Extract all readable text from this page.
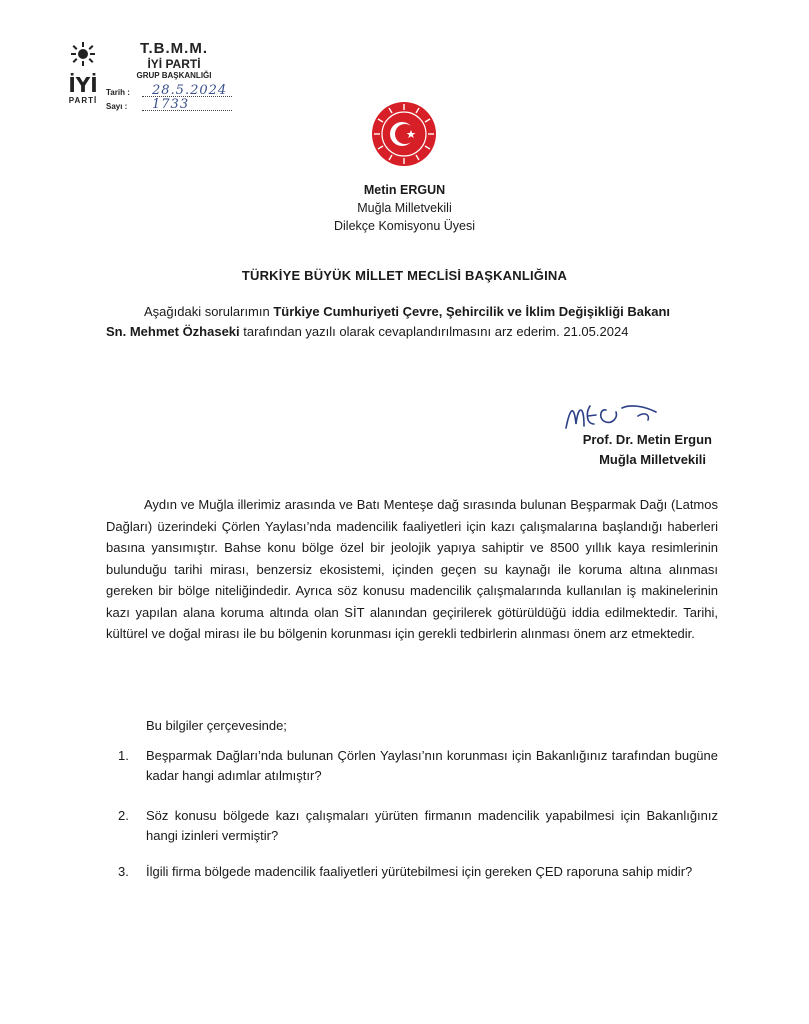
İYİ
PARTİ
T.B.M.M.
İYİ PARTİ
GRUP BAŞKANLIĞI
Tarih :	28.5.2024
Sayı :	1733
Metin ERGUN
Muğla Milletvekili
Dilekçe Komisyonu Üyesi
TÜRKİYE BÜYÜK MİLLET MECLİSİ BAŞKANLIĞINA
Aşağıdaki sorularımın Türkiye Cumhuriyeti Çevre, Şehircilik ve İklim Değişikliği Bakanı
Sn. Mehmet Özhaseki tarafından yazılı olarak cevaplandırılmasını arz ederim. 21.05.2024
Prof. Dr. Metin Ergun
Muğla Milletvekili
Aydın ve Muğla illerimiz arasında ve Batı Menteşe dağ sırasında bulunan Beşparmak Dağı (Latmos Dağları) üzerindeki Çörlen Yaylası’nda madencilik faaliyetleri için kazı çalışmalarına başlandığı haberleri basına yansımıştır. Bahse konu bölge özel bir jeolojik yapıya sahiptir ve 8500 yıllık kaya resimlerinin bulunduğu tarihi mirası, benzersiz ekosistemi, içinden geçen su kaynağı ile koruma altına alınması gereken bir bölge niteliğindedir. Ayrıca söz konusu madencilik çalışmalarında kullanılan iş makinelerinin kazı yapılan alana koruma altında olan SİT alanından geçirilerek götürüldüğü iddia edilmektedir. Tarihi, kültürel ve doğal mirası ile bu bölgenin korunması için gerekli tedbirlerin alınması önem arz etmektedir.
Bu bilgiler çerçevesinde;
1.	Beşparmak Dağları’nda bulunan Çörlen Yaylası’nın korunması için Bakanlığınız tarafından bugüne kadar hangi adımlar atılmıştır?
2.	Söz konusu bölgede kazı çalışmaları yürüten firmanın madencilik yapabilmesi için Bakanlığınız hangi izinleri vermiştir?
3.	İlgili firma bölgede madencilik faaliyetleri yürütebilmesi için gereken ÇED raporuna sahip midir?
